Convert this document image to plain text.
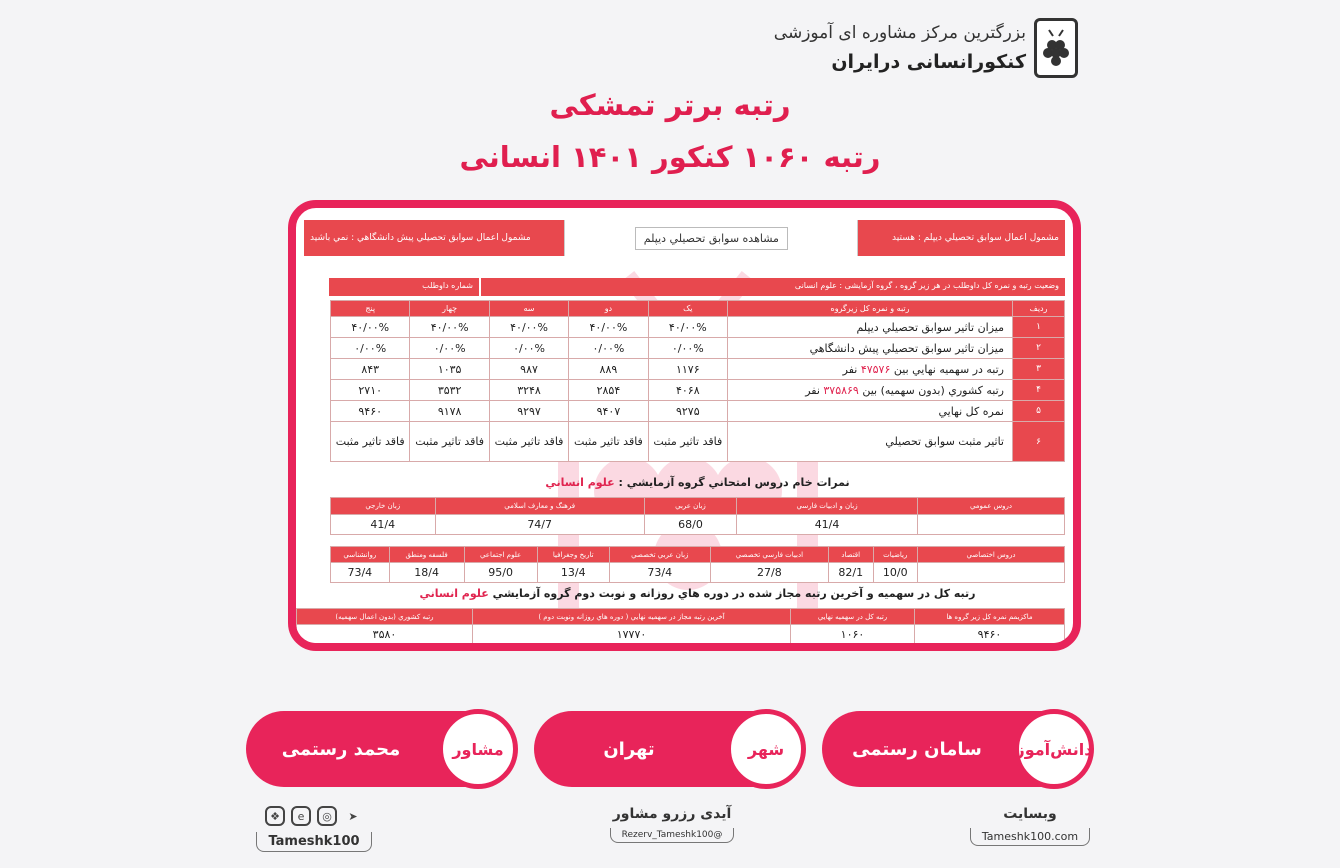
بزرگترین مرکز مشاوره ای آموزشی
کنکورانسانی درایران
رتبه برتر تمشکی
رتبه ۱۰۶۰ کنکور ۱۴۰۱ انسانی
مشمول اعمال سوابق تحصيلي ديپلم : هستيد
مشاهده سوابق تحصيلي ديپلم
مشمول اعمال سوابق تحصيلي پيش دانشگاهي : نمي باشيد
وضعیت رتبه و نمره کل داوطلب در هر زیر گروه ، گروه آزمایشی : علوم انسانی
شماره داوطلب
رديف	رتبه و نمره کل زيرگروه	يک	دو	سه	چهار	پنج
۱	ميزان تاثير سوابق تحصيلي ديپلم	۴۰/۰۰%	۴۰/۰۰%	۴۰/۰۰%	۴۰/۰۰%	۴۰/۰۰%
۲	ميزان تاثير سوابق تحصيلي پيش دانشگاهي	۰/۰۰%	۰/۰۰%	۰/۰۰%	۰/۰۰%	۰/۰۰%
۳	رتبه در سهميه نهايي بين ۴۷۵۷۶ نفر	۱۱۷۶	۸۸۹	۹۸۷	۱۰۳۵	۸۴۳
۴	رتبه کشوري (بدون سهميه) بين ۳۷۵۸۶۹ نفر	۴۰۶۸	۲۸۵۴	۳۲۴۸	۳۵۳۲	۲۷۱۰
۵	نمره کل نهايي	۹۲۷۵	۹۴۰۷	۹۲۹۷	۹۱۷۸	۹۴۶۰
۶	تاثير مثبت سوابق تحصيلي	فاقد تاثير مثبت	فاقد تاثير مثبت	فاقد تاثير مثبت	فاقد تاثير مثبت	فاقد تاثير مثبت
نمرات خام دروس امتحاني گروه آزمايشي : علوم انساني
دروس عمومي	زبان و ادبيات فارسي	زبان عربي	فرهنگ و معارف اسلامي	زبان خارجي
درصد نمره درس	41/4	68/0	74/7	41/4
دروس اختصاصي	رياضيات	اقتصاد	ادبيات فارسي تخصصي	زبان عربي تخصصي	تاريخ وجغرافيا	علوم اجتماعي	فلسفه ومنطق	روانشناسي
درصد نمره درس	10/0	82/1	27/8	73/4	13/4	95/0	18/4	73/4
رتبه کل در سهميه و آخرين رتبه مجاز شده در دوره هاي روزانه و نوبت دوم گروه آزمايشي علوم انساني
ماکزيمم نمره کل زير گروه ها	رتبه کل در سهميه نهايي	آخرين رتبه مجاز در سهميه نهايي ( دوره هاي روزانه ونوبت دوم )	رتبه کشوري (بدون اعمال سهميه)
۹۴۶۰	۱۰۶۰	۱۷۷۷۰	۳۵۸۰
دانش‌آموز
سامان رستمی
شهر
تهران
مشاور
محمد رستمی
وبسایت
Tameshk100.com
آیدی رزرو مشاور
@Rezerv_Tameshk100
❖	e	◎	➤
Tameshk100
